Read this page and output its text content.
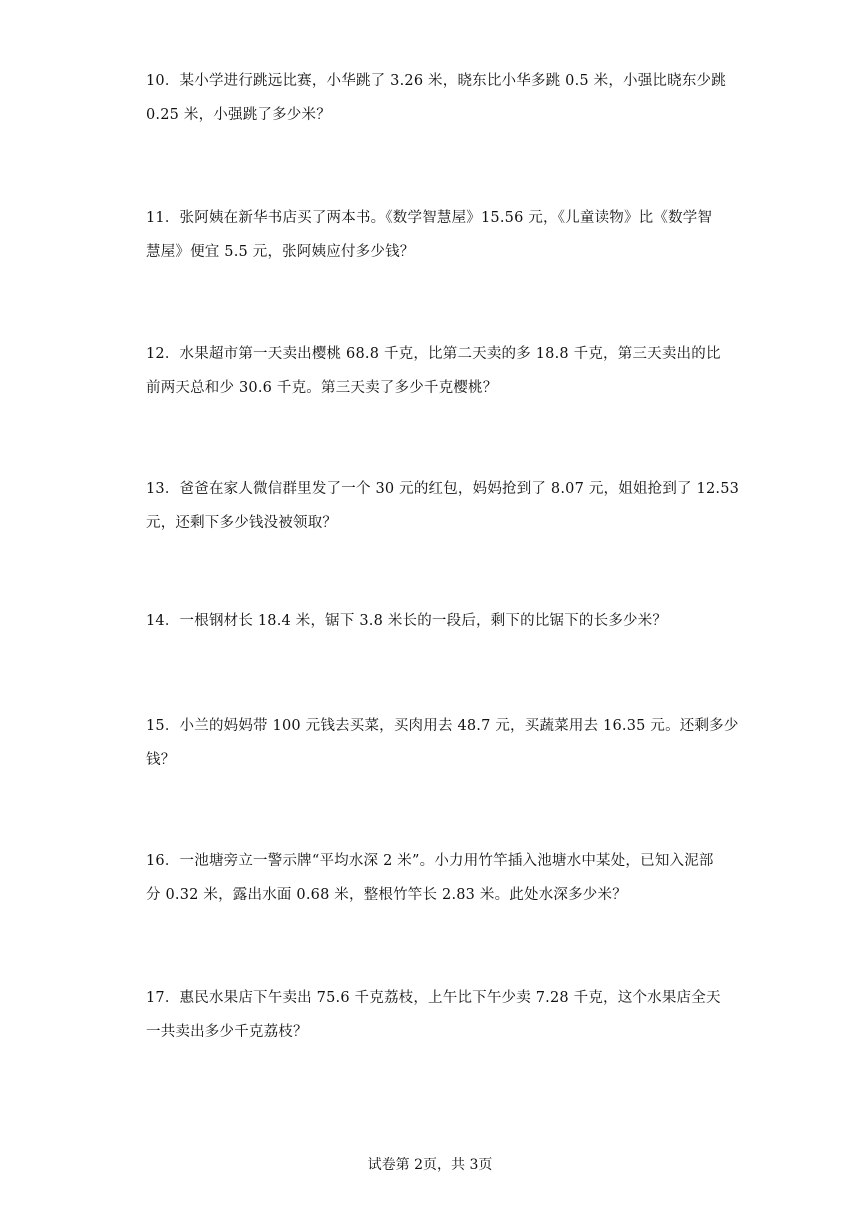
10．某小学进行跳远比赛，小华跳了 3.26 米，晓东比小华多跳 0.5 米，小强比晓东少跳

0.25 米，小强跳了多少米？

11．张阿姨在新华书店买了两本书。《数学智慧屋》15.56 元，《儿童读物》比《数学智

慧屋》便宜 5.5 元，张阿姨应付多少钱？

12．水果超市第一天卖出樱桃 68.8 千克，比第二天卖的多 18.8 千克，第三天卖出的比

前两天总和少 30.6 千克。第三天卖了多少千克樱桃？

13．爸爸在家人微信群里发了一个 30 元的红包，妈妈抢到了 8.07 元，姐姐抢到了 12.53

元，还剩下多少钱没被领取？

14．一根钢材长 18.4 米，锯下 3.8 米长的一段后，剩下的比锯下的长多少米？

15．小兰的妈妈带 100 元钱去买菜，买肉用去 48.7 元，买蔬菜用去 16.35 元。还剩多少

钱？

16．一池塘旁立一警示牌“平均水深 2 米”。小力用竹竿插入池塘水中某处，已知入泥部

分 0.32 米，露出水面 0.68 米，整根竹竿长 2.83 米。此处水深多少米？

17．惠民水果店下午卖出 75.6 千克荔枝，上午比下午少卖 7.28 千克，这个水果店全天

一共卖出多少千克荔枝？

试卷第 2页，共 3页
